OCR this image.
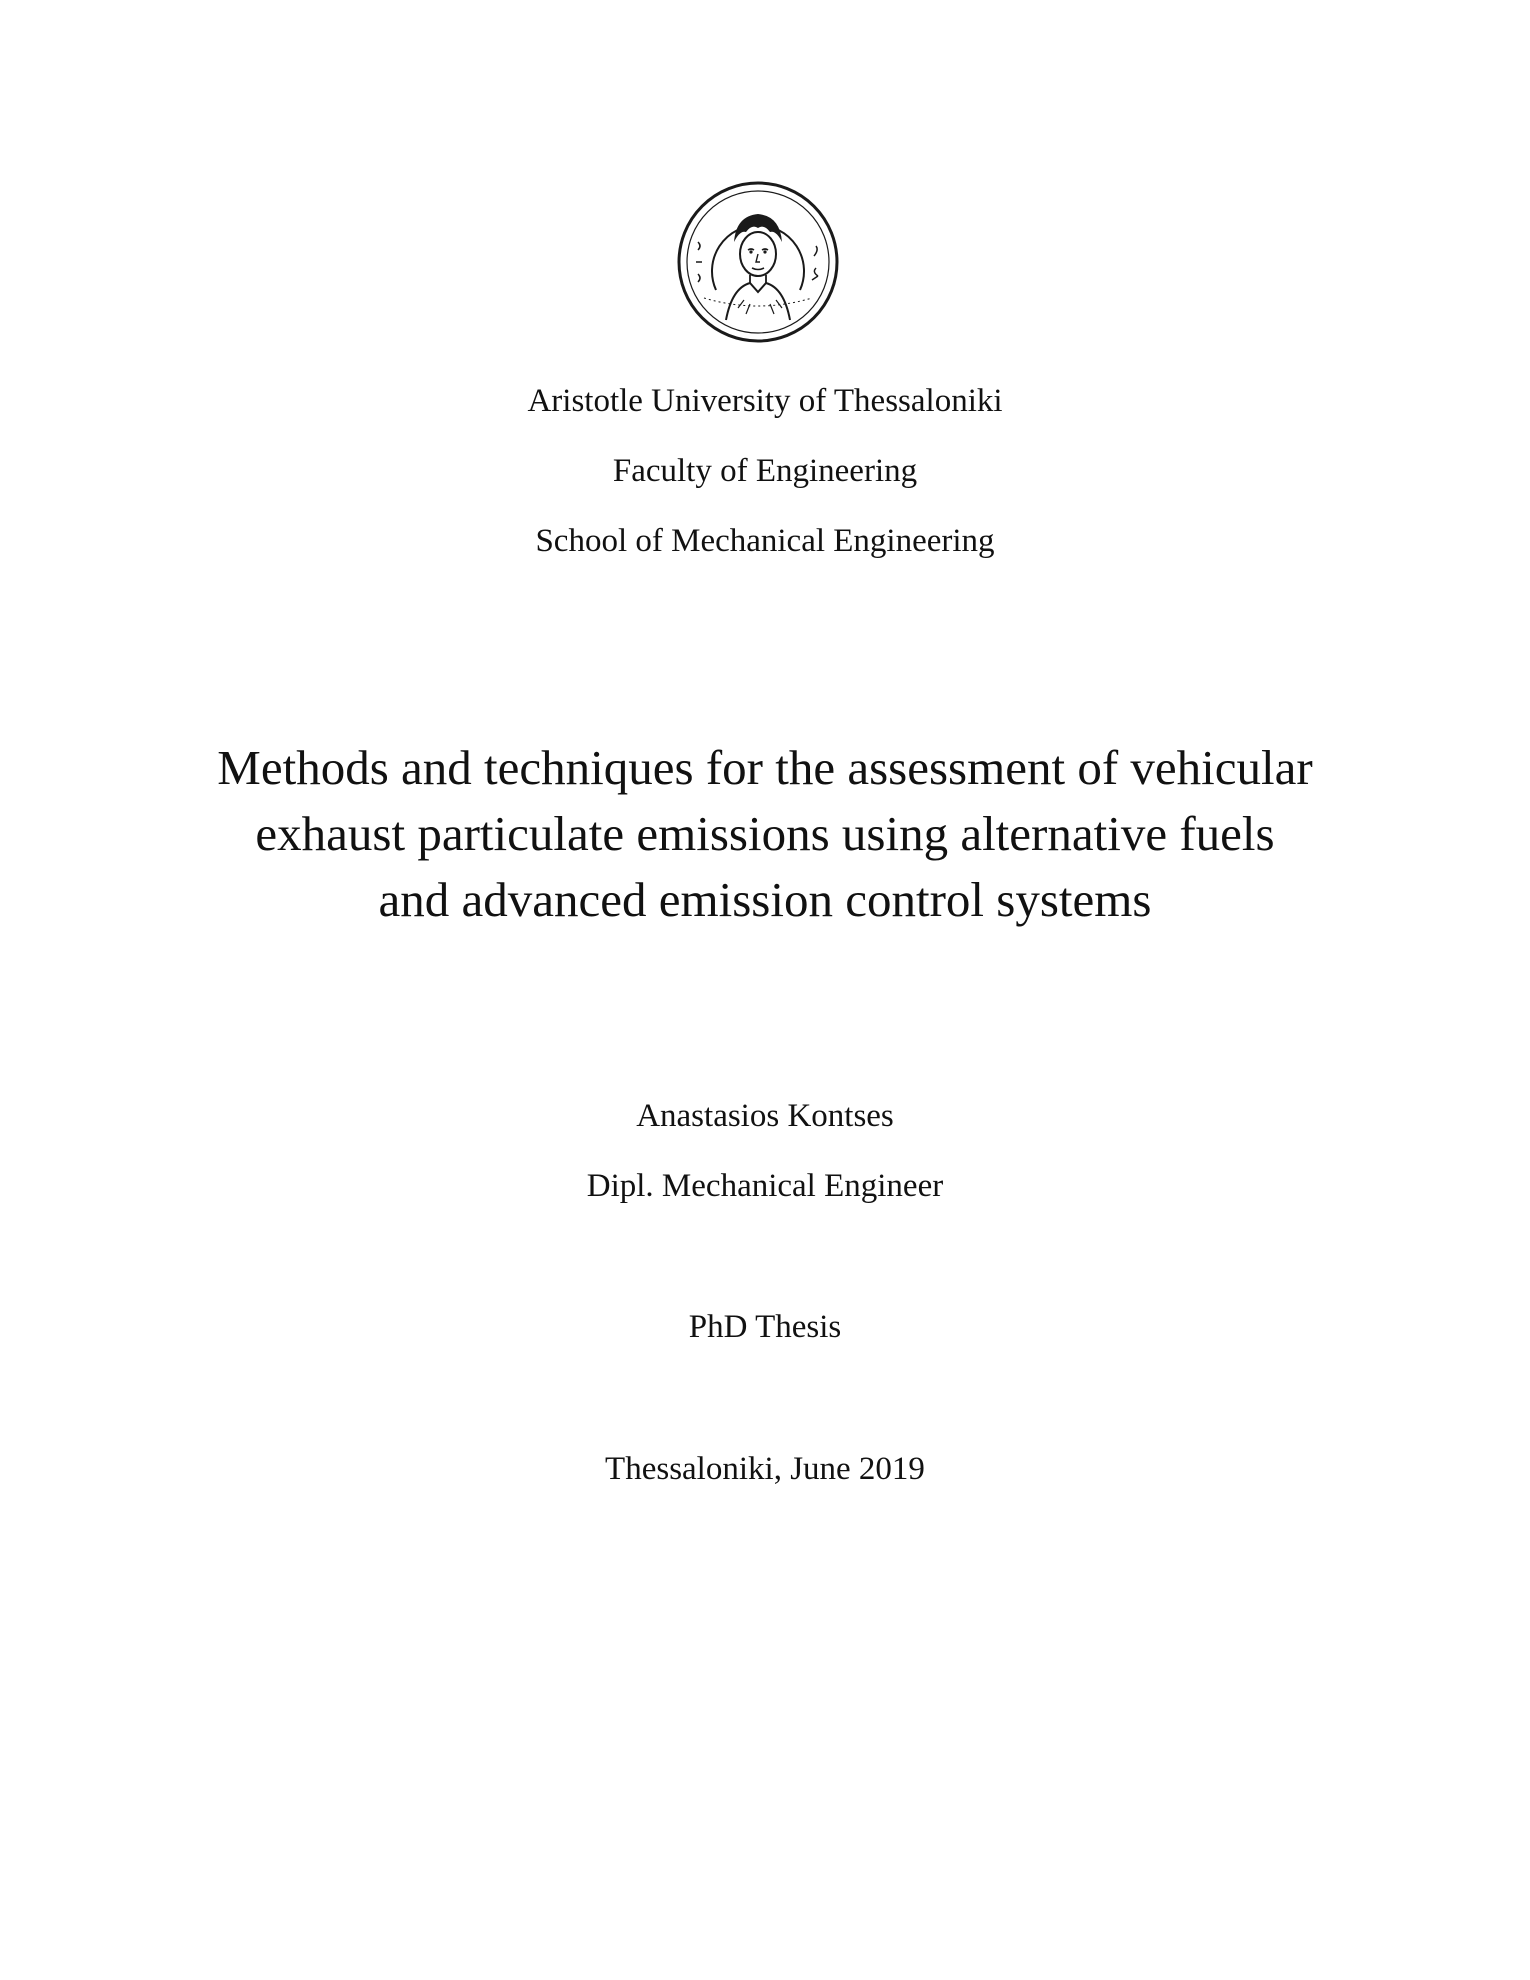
Aristotle University of Thessaloniki
Faculty of Engineering
School of Mechanical Engineering
Methods and techniques for the assessment of vehicular
exhaust particulate emissions using alternative fuels
and advanced emission control systems
Anastasios Kontses
Dipl. Mechanical Engineer
PhD Thesis
Thessaloniki, June 2019
